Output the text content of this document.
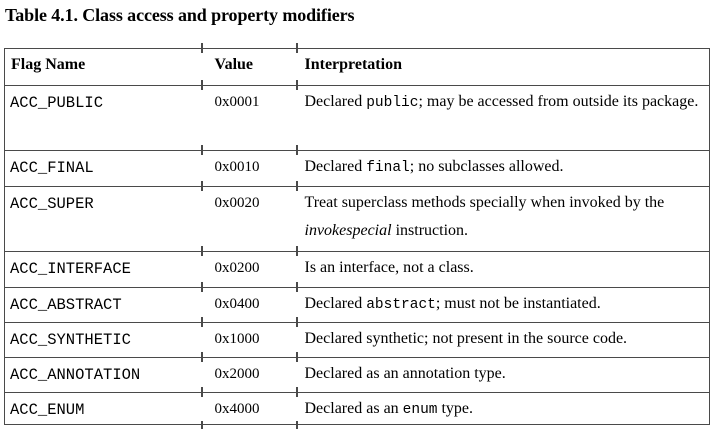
Table 4.1. Class access and property modifiers
Flag Name	Value	Interpretation
ACC_PUBLIC	0x0001	Declared public; may be accessed from outside its package.
ACC_FINAL	0x0010	Declared final; no subclasses allowed.
ACC_SUPER	0x0020	Treat superclass methods specially when invoked by the invokespecial instruction.
ACC_INTERFACE	0x0200	Is an interface, not a class.
ACC_ABSTRACT	0x0400	Declared abstract; must not be instantiated.
ACC_SYNTHETIC	0x1000	Declared synthetic; not present in the source code.
ACC_ANNOTATION	0x2000	Declared as an annotation type.
ACC_ENUM	0x4000	Declared as an enum type.
